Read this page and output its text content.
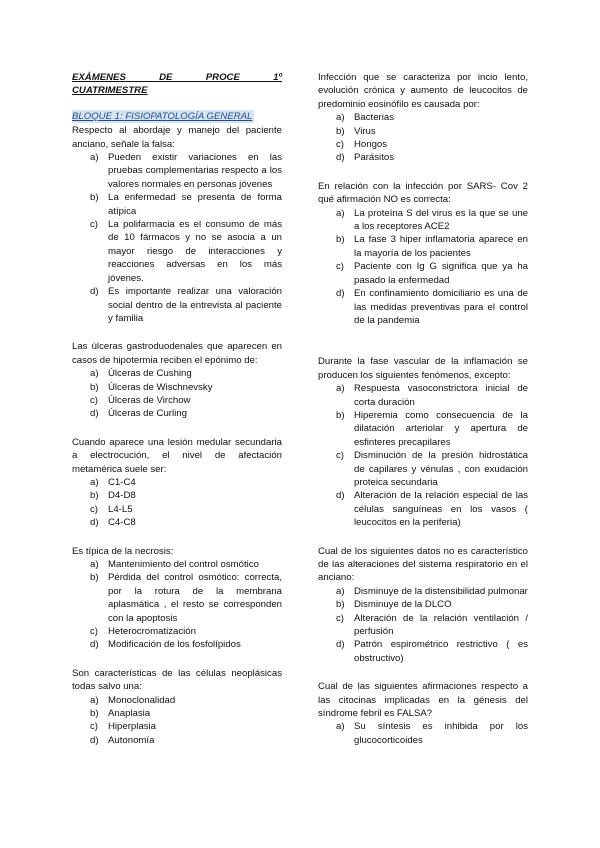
EXÁMENES DE PROCE 1º
CUATRIMESTRE
BLOQUE 1: FISIOPATOLOGÍA GENERAL

Respecto al abordaje y manejo del paciente anciano, señale la falsa:

a) Pueden existir variaciones en las pruebas complementarias respecto a los valores normales en personas jóvenes
b) La enfermedad se presenta de forma atípica
c) La polifarmacia es el consumo de más de 10 fármacos y no se asocia a un mayor riesgo de interacciones y reacciones adversas en los más jóvenes.
d) Es importante realizar una valoración social dentro de la entrevista al paciente y familia

Las úlceras gastroduodenales que aparecen en casos de hipotermia reciben el epónimo de:

a) Úlceras de Cushing
b) Úlceras de Wischnevsky
c) Úlceras de Virchow
d) Úlceras de Curling

Cuando aparece una lesión medular secundaria a electrocución, el nivel de afectación metamérica suele ser:

a) C1-C4
b) D4-D8
c) L4-L5
d) C4-C8

Es típica de la necrosis:

a) Mantenimiento del control osmótico
b) Pérdida del control osmótico: correcta, por la rotura de la membrana aplasmática , el resto se corresponden con la apoptosis
c) Heterocromatización
d) Modificación de los fosfolípidos

Son características de las células neoplásicas todas salvo una:

a) Monoclonalidad
b) Anaplasia
c) Hiperplasia
d) Autonomía

Infección que se caracteriza por incio lento, evolución crónica y aumento de leucocitos de predominio eosinófilo es causada por:

a) Bacterias
b) Virus
c) Hongos
d) Parásitos

En relación con la infección por SARS- Cov 2 qué afirmación NO es correcta:

a) La proteína S del virus es la que se une a los receptores ACE2
b) La fase 3 hiper inflamatoria aparece en la mayoría de los pacientes
c) Paciente con Ig G significa que ya ha pasado la enfermedad
d) En confinamiento domiciliario es una de las medidas preventivas para el control de la pandemia

Durante la fase vascular de la inflamación se producen los siguientes fenómenos, excepto:

a) Respuesta vasoconstrictora inicial de corta duración
b) Hiperemia como consecuencia de la dilatación arteriolar y apertura de esfinteres precapilares
c) Disminución de la presión hidrostática de capilares y vénulas , con exudación proteica secundaria
d) Alteración de la relación especial de las células sanguíneas en los vasos ( leucocitos en la periferia)

Cual de los siguientes datos no es característico de las alteraciones del sistema respiratorio en el anciano:

a) Disminuye de la distensibilidad pulmonar
b) Disminuye de la DLCO
c) Alteración de la relación ventilación / perfusión
d) Patrón espirométrico restrictivo ( es obstructivo)

Cual de las siguientes afirmaciones respecto a las citocinas implicadas en la génesis del síndrome febril es FALSA?

a) Su síntesis es inhibida por los glucocorticoides
